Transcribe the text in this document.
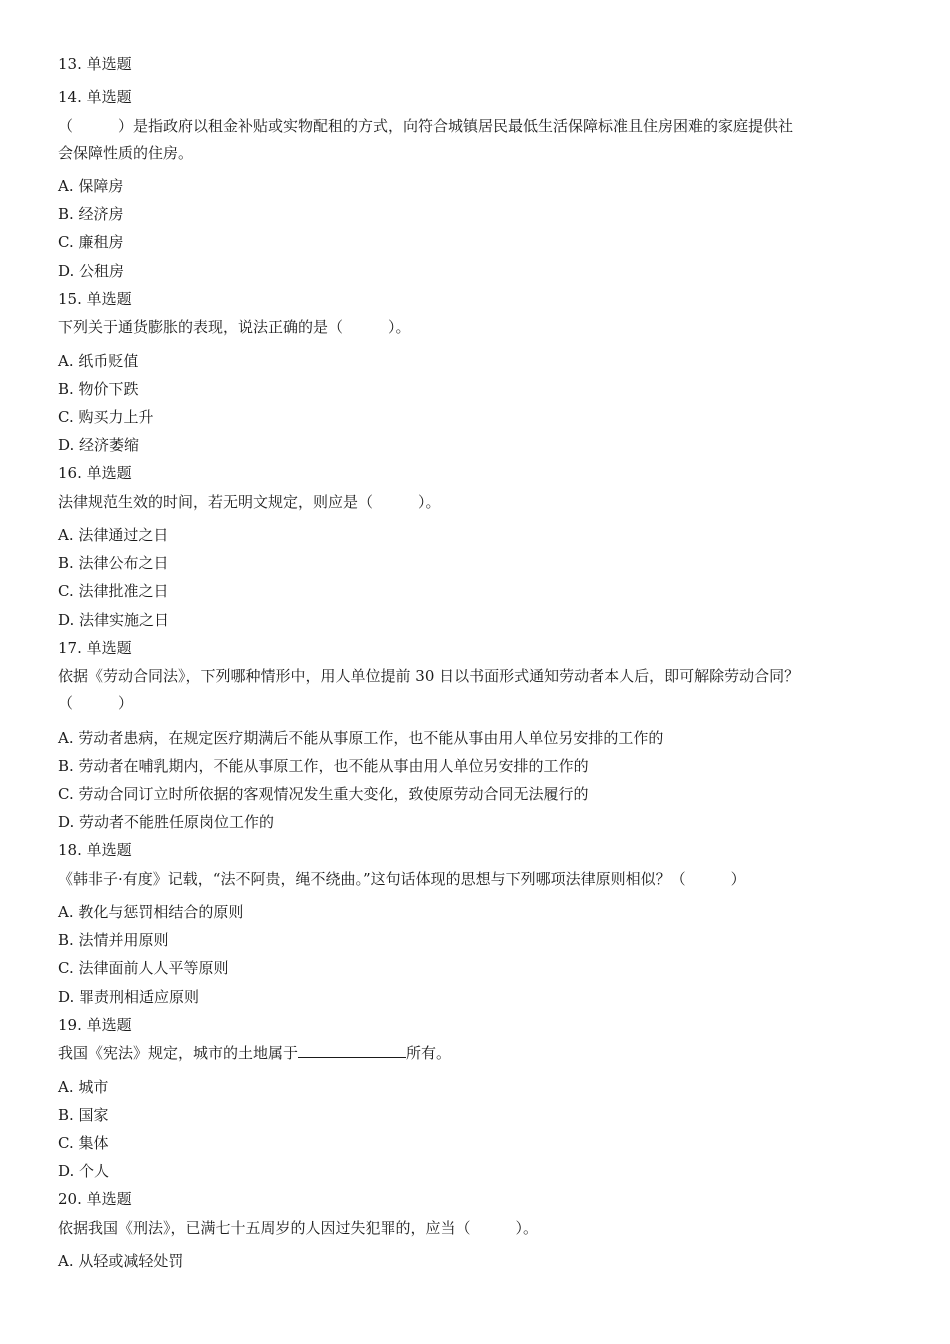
13. 单选题
14. 单选题
（　　　）是指政府以租金补贴或实物配租的方式，向符合城镇居民最低生活保障标准且住房困难的家庭提供社
会保障性质的住房。
A. 保障房
B. 经济房
C. 廉租房
D. 公租房
15. 单选题
下列关于通货膨胀的表现，说法正确的是（　　　）。
A. 纸币贬值
B. 物价下跌
C. 购买力上升
D. 经济萎缩
16. 单选题
法律规范生效的时间，若无明文规定，则应是（　　　）。
A. 法律通过之日
B. 法律公布之日
C. 法律批准之日
D. 法律实施之日
17. 单选题
依据《劳动合同法》，下列哪种情形中，用人单位提前 30 日以书面形式通知劳动者本人后，即可解除劳动合同？
（　　　）
A. 劳动者患病，在规定医疗期满后不能从事原工作，也不能从事由用人单位另安排的工作的
B. 劳动者在哺乳期内，不能从事原工作，也不能从事由用人单位另安排的工作的
C. 劳动合同订立时所依据的客观情况发生重大变化，致使原劳动合同无法履行的
D. 劳动者不能胜任原岗位工作的
18. 单选题
《韩非子·有度》记载，“法不阿贵，绳不绕曲。”这句话体现的思想与下列哪项法律原则相似？（　　　）
A. 教化与惩罚相结合的原则
B. 法情并用原则
C. 法律面前人人平等原则
D. 罪责刑相适应原则
19. 单选题
我国《宪法》规定，城市的土地属于	所有。
A. 城市
B. 国家
C. 集体
D. 个人
20. 单选题
依据我国《刑法》，已满七十五周岁的人因过失犯罪的，应当（　　　）。
A. 从轻或减轻处罚
